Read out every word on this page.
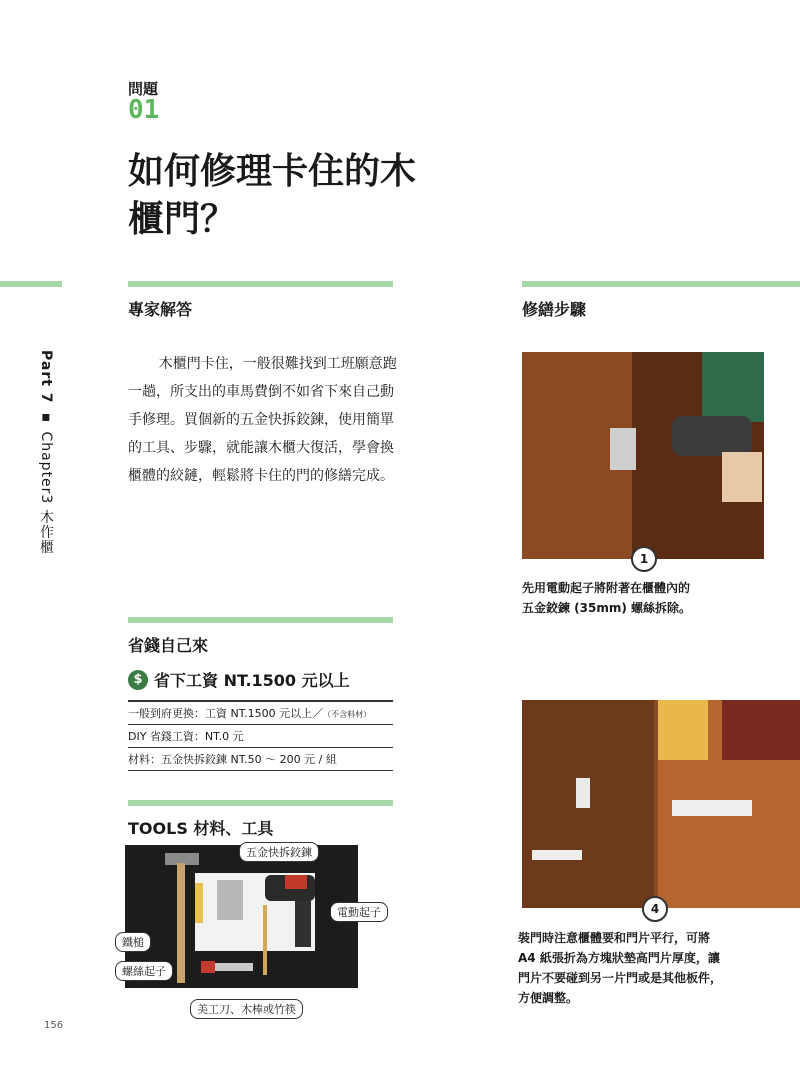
問題
01
如何修理卡住的木櫃門？
Part 7 ▪ Chapter3 木作櫃
專家解答
木櫃門卡住，一般很難找到工班願意跑一趟，所支出的車馬費倒不如省下來自己動手修理。買個新的五金快拆鉸鍊，使用簡單的工具、步驟，就能讓木櫃大復活，學會換櫃體的絞鏈，輕鬆將卡住的門的修繕完成。
省錢自己來
$ 省下工資 NT.1500 元以上
一般到府更換：工資 NT.1500 元以上／（不含料材）
DIY 省錢工資：NT.0 元
材料：五金快拆鉸鍊 NT.50 ～ 200 元 / 組
TOOLS 材料、工具
五金快拆鉸鍊
鐵槌
螺絲起子
電動起子
美工刀、木棒或竹筷
修繕步驟
1
先用電動起子將附著在櫃體內的
五金鉸鍊 (35mm) 螺絲拆除。
4
裝門時注意櫃體要和門片平行，可將
A4 紙張折為方塊狀墊高門片厚度，讓
門片不要碰到另一片門或是其他板件，
方便調整。
156
